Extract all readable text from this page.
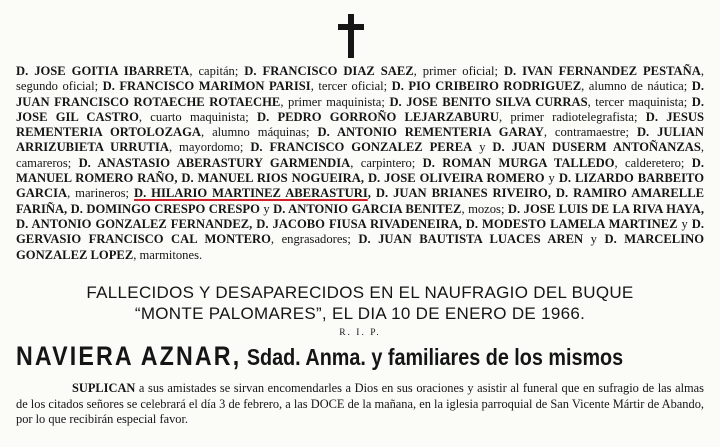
D. JOSE GOITIA IBARRETA, capitán; D. FRANCISCO DIAZ SAEZ, primer oficial; D. IVAN FERNANDEZ PESTAÑA, segundo oficial; D. FRANCISCO MARIMON PARISI, tercer oficial; D. PIO CRIBEIRO RODRIGUEZ, alumno de náutica; D. JUAN FRANCISCO ROTAECHE ROTAECHE, primer maquinista; D. JOSE BENITO SILVA CURRAS, tercer maquinista; D. JOSE GIL CASTRO, cuarto maquinista; D. PEDRO GORROÑO LEJARZABURU, primer radiotelegrafista; D. JESUS REMENTERIA ORTOLOZAGA, alumno máquinas; D. ANTONIO REMENTERIA GARAY, contramaestre; D. JULIAN ARRIZUBIETA URRUTIA, mayordomo; D. FRANCISCO GONZALEZ PEREA y D. JUAN DUSERM ANTOÑANZAS, camareros; D. ANASTASIO ABERASTURY GARMENDIA, carpintero; D. ROMAN MURGA TALLEDO, calderetero; D. MANUEL ROMERO RAÑO, D. MANUEL RIOS NOGUEIRA, D. JOSE OLIVEIRA ROMERO y D. LIZARDO BARBEITO GARCIA, marineros; D. HILARIO MARTINEZ ABERASTURI, D. JUAN BRIANES RIVEIRO, D. RAMIRO AMARELLE FARIÑA, D. DOMINGO CRESPO CRESPO y D. ANTONIO GARCIA BENITEZ, mozos; D. JOSE LUIS DE LA RIVA HAYA, D. ANTONIO GONZALEZ FERNANDEZ, D. JACOBO FIUSA RIVADENEIRA, D. MODESTO LAMELA MARTINEZ y D. GERVASIO FRANCISCO CAL MONTERO, engrasadores; D. JUAN BAUTISTA LUACES AREN y D. MARCELINO GONZALEZ LOPEZ, marmitones.
FALLECIDOS Y DESAPARECIDOS EN EL NAUFRAGIO DEL BUQUE
“MONTE PALOMARES”, EL DIA 10 DE ENERO DE 1966.
R. I. P.
NAVIERA AZNAR, Sdad. Anma. y familiares de los mismos
SUPLICAN a sus amistades se sirvan encomendarles a Dios en sus oraciones y asistir al funeral que en sufragio de las almas de los citados señores se celebrará el día 3 de febrero, a las DOCE de la mañana, en la iglesia parroquial de San Vicente Mártir de Abando, por lo que recibirán especial favor.
